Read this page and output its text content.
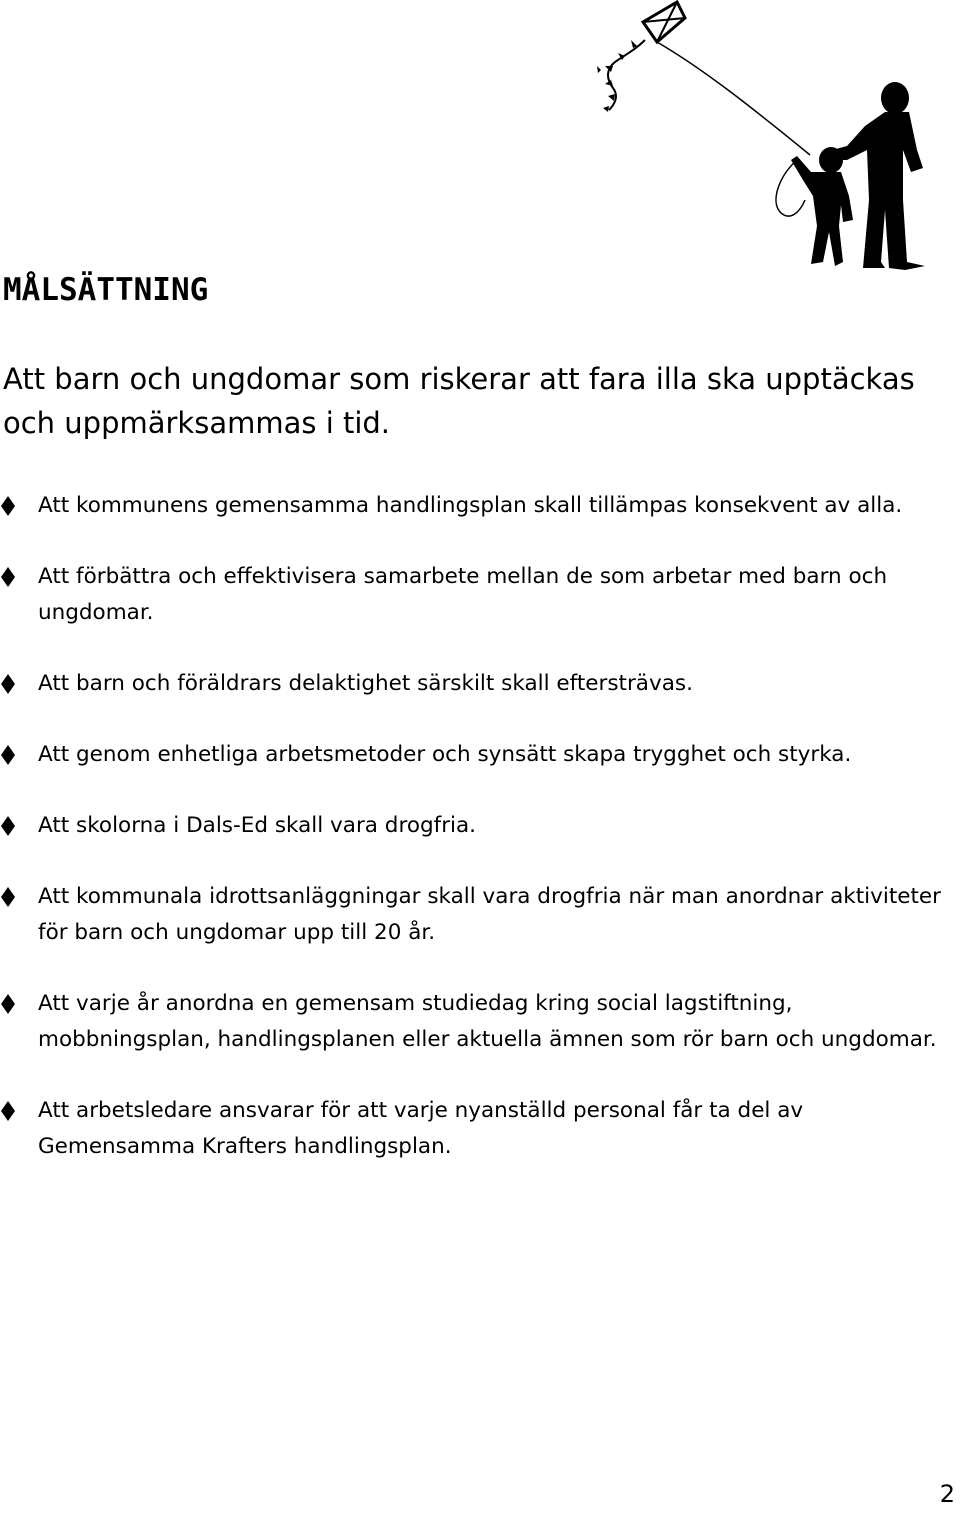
MÅLSÄTTNING

Att barn och ungdomar som riskerar att fara illa ska upptäckas och uppmärksammas i tid.

Att kommunens gemensamma handlingsplan skall tillämpas konsekvent av alla.
Att förbättra och effektivisera samarbete mellan de som arbetar med barn och ungdomar.
Att barn och föräldrars delaktighet särskilt skall eftersträvas.
Att genom enhetliga arbetsmetoder och synsätt skapa trygghet och styrka.
Att skolorna i Dals-Ed skall vara drogfria.
Att kommunala idrottsanläggningar skall vara drogfria när man anordnar aktiviteter för barn och ungdomar upp till 20 år.
Att varje år anordna en gemensam studiedag kring social lagstiftning, mobbningsplan, handlingsplanen eller aktuella ämnen som rör barn och ungdomar.
Att arbetsledare ansvarar för att varje nyanställd personal får ta del av Gemensamma Krafters handlingsplan.
2
